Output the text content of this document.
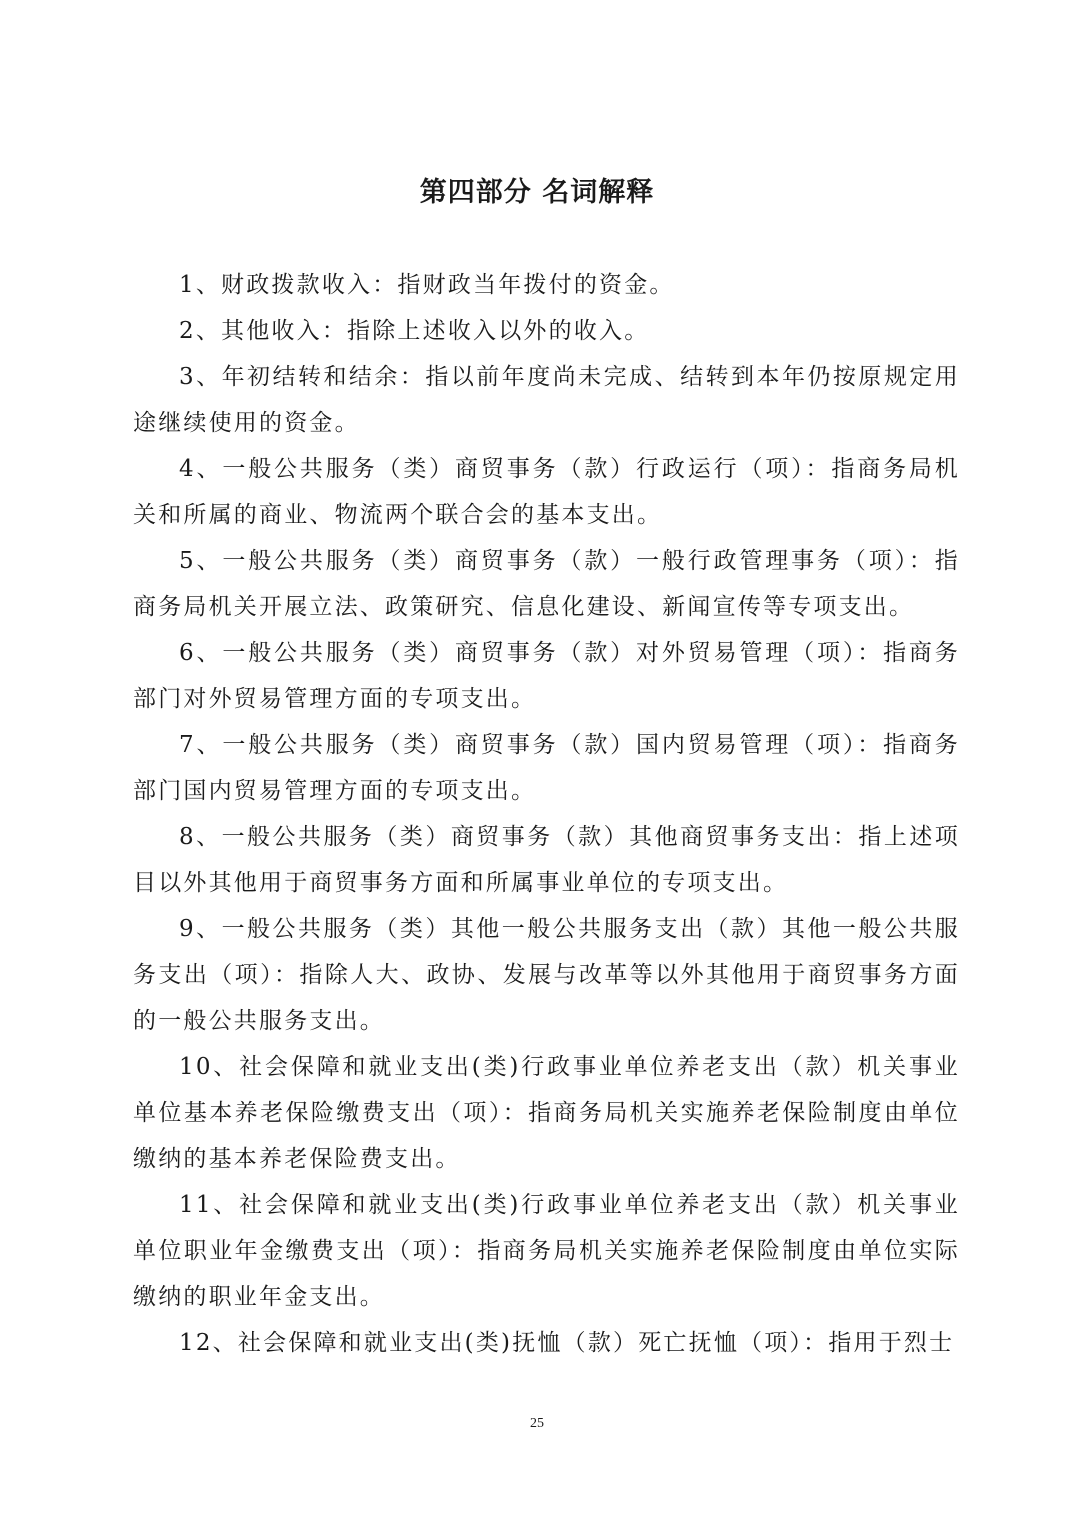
第四部分 名词解释

1、财政拨款收入：指财政当年拨付的资金。

2、其他收入：指除上述收入以外的收入。

3、年初结转和结余：指以前年度尚未完成、结转到本年仍按原规定用途继续使用的资金。

4、一般公共服务（类）商贸事务（款）行政运行（项）：指商务局机关和所属的商业、物流两个联合会的基本支出。

5、一般公共服务（类）商贸事务（款）一般行政管理事务（项）：指商务局机关开展立法、政策研究、信息化建设、新闻宣传等专项支出。

6、一般公共服务（类）商贸事务（款）对外贸易管理（项）：指商务部门对外贸易管理方面的专项支出。

7、一般公共服务（类）商贸事务（款）国内贸易管理（项）：指商务部门国内贸易管理方面的专项支出。

8、一般公共服务（类）商贸事务（款）其他商贸事务支出：指上述项目以外其他用于商贸事务方面和所属事业单位的专项支出。

9、一般公共服务（类）其他一般公共服务支出（款）其他一般公共服务支出（项）：指除人大、政协、发展与改革等以外其他用于商贸事务方面的一般公共服务支出。

10、社会保障和就业支出(类)行政事业单位养老支出（款）机关事业单位基本养老保险缴费支出（项）：指商务局机关实施养老保险制度由单位缴纳的基本养老保险费支出。

11、社会保障和就业支出(类)行政事业单位养老支出（款）机关事业单位职业年金缴费支出（项）：指商务局机关实施养老保险制度由单位实际缴纳的职业年金支出。

12、社会保障和就业支出(类)抚恤（款）死亡抚恤（项）：指用于烈士

25
